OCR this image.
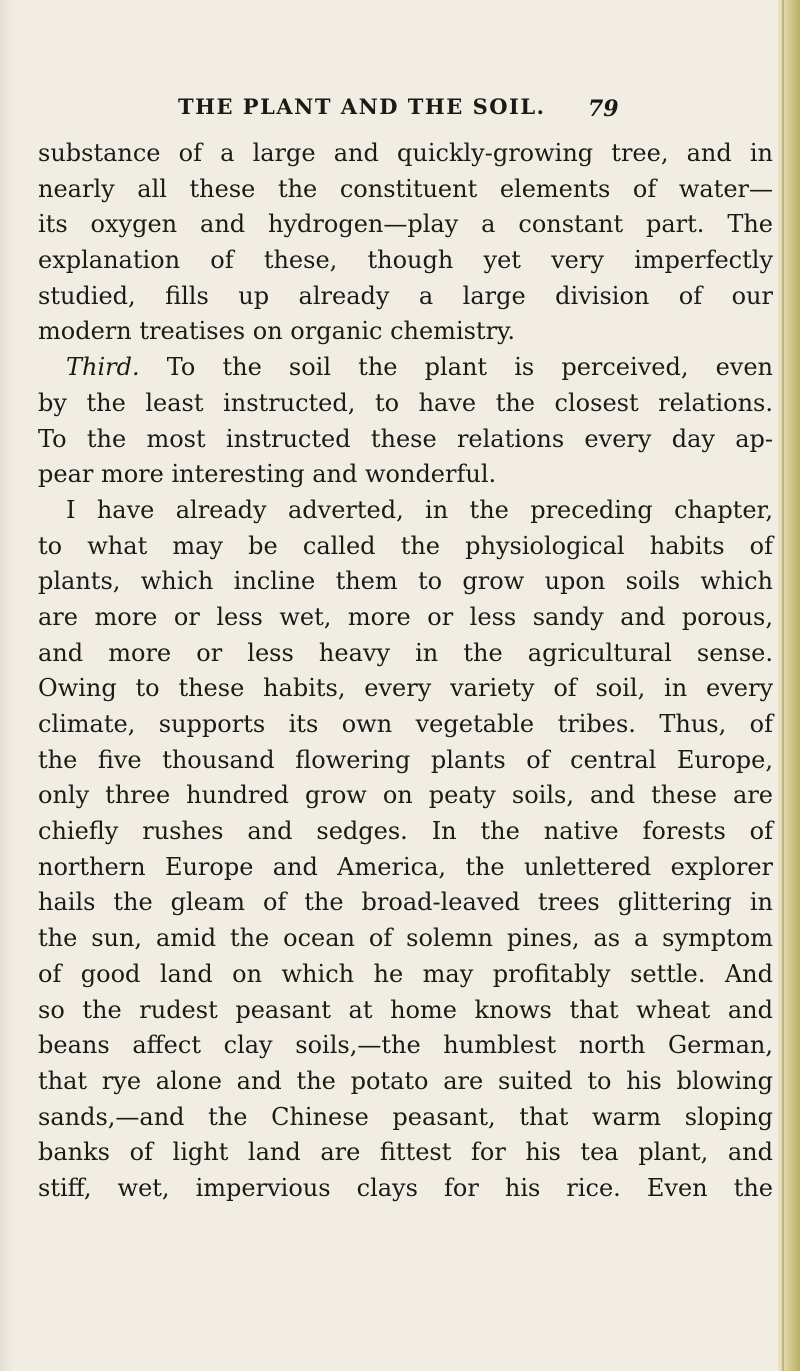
THE PLANT AND THE SOIL. 79
substance of a large and quickly-growing tree, and in
nearly all these the constituent elements of water—
its oxygen and hydrogen—play a constant part. The
explanation of these, though yet very imperfectly
studied, fills up already a large division of our
modern treatises on organic chemistry.
Third. To the soil the plant is perceived, even
by the least instructed, to have the closest relations.
To the most instructed these relations every day ap-
pear more interesting and wonderful.
I have already adverted, in the preceding chapter,
to what may be called the physiological habits of
plants, which incline them to grow upon soils which
are more or less wet, more or less sandy and porous,
and more or less heavy in the agricultural sense.
Owing to these habits, every variety of soil, in every
climate, supports its own vegetable tribes. Thus, of
the five thousand flowering plants of central Europe,
only three hundred grow on peaty soils, and these are
chiefly rushes and sedges. In the native forests of
northern Europe and America, the unlettered explorer
hails the gleam of the broad-leaved trees glittering in
the sun, amid the ocean of solemn pines, as a symptom
of good land on which he may profitably settle. And
so the rudest peasant at home knows that wheat and
beans affect clay soils,—the humblest north German,
that rye alone and the potato are suited to his blowing
sands,—and the Chinese peasant, that warm sloping
banks of light land are fittest for his tea plant, and
stiff, wet, impervious clays for his rice. Even the
